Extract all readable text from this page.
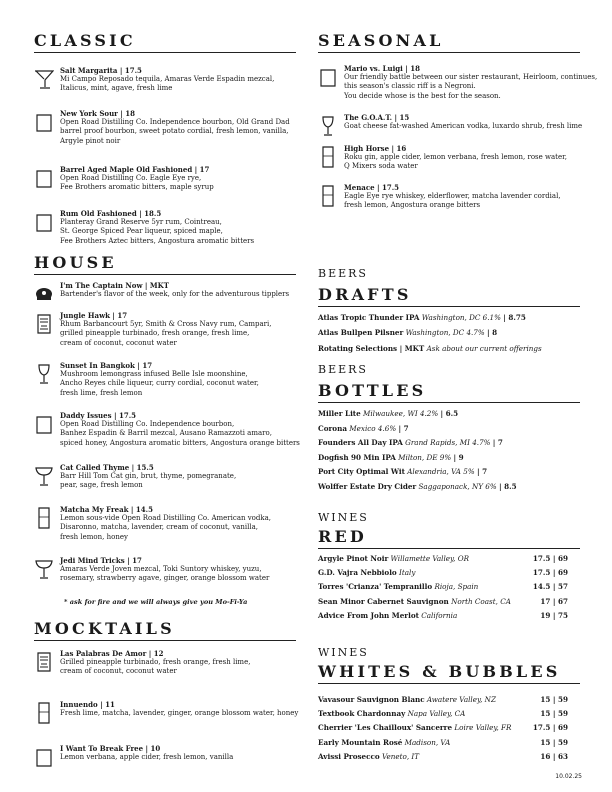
CLASSIC
Salt Margarita | 17.5
Mi Campo Reposado tequila, Amaras Verde Espadin mezcal,
Italicus, mint, agave, fresh lime
New York Sour | 18
Open Road Distilling Co. Independence bourbon, Old Grand Dad
barrel proof bourbon, sweet potato cordial, fresh lemon, vanilla,
Argyle pinot noir
Barrel Aged Maple Old Fashioned | 17
Open Road Distilling Co. Eagle Eye rye,
Fee Brothers aromatic bitters, maple syrup
Rum Old Fashioned | 18.5
Planteray Grand Reserve 5yr rum, Cointreau,
St. George Spiced Pear liqueur, spiced maple,
Fee Brothers Aztec bitters, Angostura aromatic bitters
HOUSE
I'm The Captain Now | MKT
Bartender's flavor of the week, only for the adventurous tipplers
Jungle Hawk | 17
Rhum Barbancourt 5yr, Smith & Cross Navy rum, Campari,
grilled pineapple turbinado, fresh orange, fresh lime,
cream of coconut, coconut water
Sunset In Bangkok | 17
Mushroom lemongrass infused Belle Isle moonshine,
Ancho Reyes chile liqueur, curry cordial, coconut water,
fresh lime, fresh lemon
Daddy Issues | 17.5
Open Road Distilling Co. Independence bourbon,
Banhez Espadin & Barril mezcal, Ausano Ramazzoti amaro,
spiced honey, Angostura aromatic bitters, Angostura orange bitters
Cat Called Thyme | 15.5
Barr Hill Tom Cat gin, brut, thyme, pomegranate,
pear, sage, fresh lemon
Matcha My Freak | 14.5
Lemon sous-vide Open Road Distilling Co. American vodka,
Disaronno, matcha, lavender, cream of coconut, vanilla,
fresh lemon, honey
Jedi Mind Tricks | 17
Amaras Verde Joven mezcal, Toki Suntory whiskey, yuzu,
rosemary, strawberry agave, ginger, orange blossom water
* ask for fire and we will always give you Mo-Fi-Ya
MOCKTAILS
Las Palabras De Amor | 12
Grilled pineapple turbinado, fresh orange, fresh lime,
cream of coconut, coconut water
Innuendo | 11
Fresh lime, matcha, lavender, ginger, orange blossom water, honey
I Want To Break Free | 10
Lemon verbana, apple cider, fresh lemon, vanilla
SEASONAL
Mario vs. Luigi | 18
Our friendly battle between our sister restaurant, Heirloom, continues,
this season's classic riff is a Negroni.
You decide whose is the best for the season.
The G.O.A.T. | 15
Goat cheese fat-washed American vodka, luxardo shrub, fresh lime
High Horse | 16
Roku gin, apple cider, lemon verbana, fresh lemon, rose water,
Q Mixers soda water
Menace | 17.5
Eagle Eye rye whiskey, elderflower, matcha lavender cordial,
fresh lemon, Angostura orange bitters
BEERS
DRAFTS
Atlas Tropic Thunder IPA Washington, DC 6.1% | 8.75
Atlas Bullpen Pilsner Washington, DC 4.7% | 8
Rotating Selections | MKT Ask about our current offerings
BEERS
BOTTLES
Miller Lite Milwaukee, WI 4.2% | 6.5
Corona Mexico 4.6% | 7
Founders All Day IPA Grand Rapids, MI 4.7% | 7
Dogfish 90 Min IPA Milton, DE 9% | 9
Port City Optimal Wit Alexandria, VA 5% | 7
Wolffer Estate Dry Cider Saggaponack, NY 6% | 8.5
WINES
RED
Argyle Pinot Noir Willamette Valley, OR	17.5 | 69
G.D. Vajra Nebbiolo Italy	17.5 | 69
Torres 'Crianza' Tempranillo Rioja, Spain	14.5 | 57
Sean Minor Cabernet Sauvignon North Coast, CA	17 | 67
Advice From John Merlot California	19 | 75
WINES
WHITES & BUBBLES
Vavasour Sauvignon Blanc Awatere Valley, NZ	15 | 59
Textbook Chardonnay Napa Valley, CA	15 | 59
Cherrier 'Les Chailloux' Sancerre Loire Valley, FR	17.5 | 69
Early Mountain Rosé Madison, VA	15 | 59
Avissi Prosecco Veneto, IT	16 | 63
10.02.25
